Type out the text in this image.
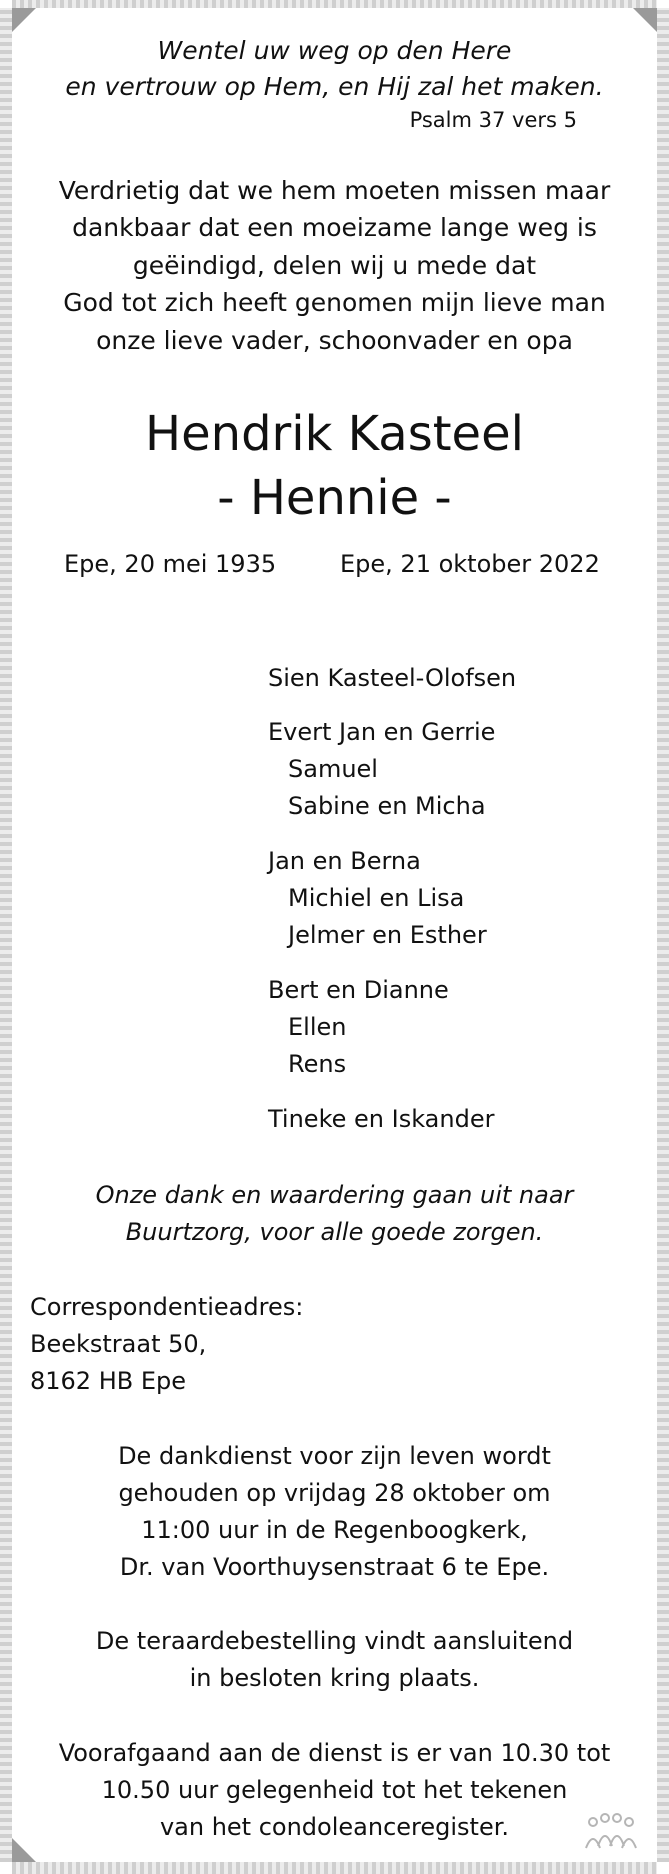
Wentel uw weg op den Here
en vertrouw op Hem, en Hij zal het maken.
Psalm 37 vers 5
Verdrietig dat we hem moeten missen maar
dankbaar dat een moeizame lange weg is
geëindigd, delen wij u mede dat
God tot zich heeft genomen mijn lieve man
onze lieve vader, schoonvader en opa
Hendrik Kasteel
- Hennie -
Epe, 20 mei 1935	Epe, 21 oktober 2022
Sien Kasteel-Olofsen
Evert Jan en Gerrie
Samuel
Sabine en Micha
Jan en Berna
Michiel en Lisa
Jelmer en Esther
Bert en Dianne
Ellen
Rens
Tineke en Iskander
Onze dank en waardering gaan uit naar
Buurtzorg, voor alle goede zorgen.
Correspondentieadres:
Beekstraat 50,
8162 HB Epe
De dankdienst voor zijn leven wordt
gehouden op vrijdag 28 oktober om
11:00 uur in de Regenboogkerk,
Dr. van Voorthuysenstraat 6 te Epe.
De teraardebestelling vindt aansluitend
in besloten kring plaats.
Voorafgaand aan de dienst is er van 10.30 tot
10.50 uur gelegenheid tot het tekenen
van het condoleanceregister.
